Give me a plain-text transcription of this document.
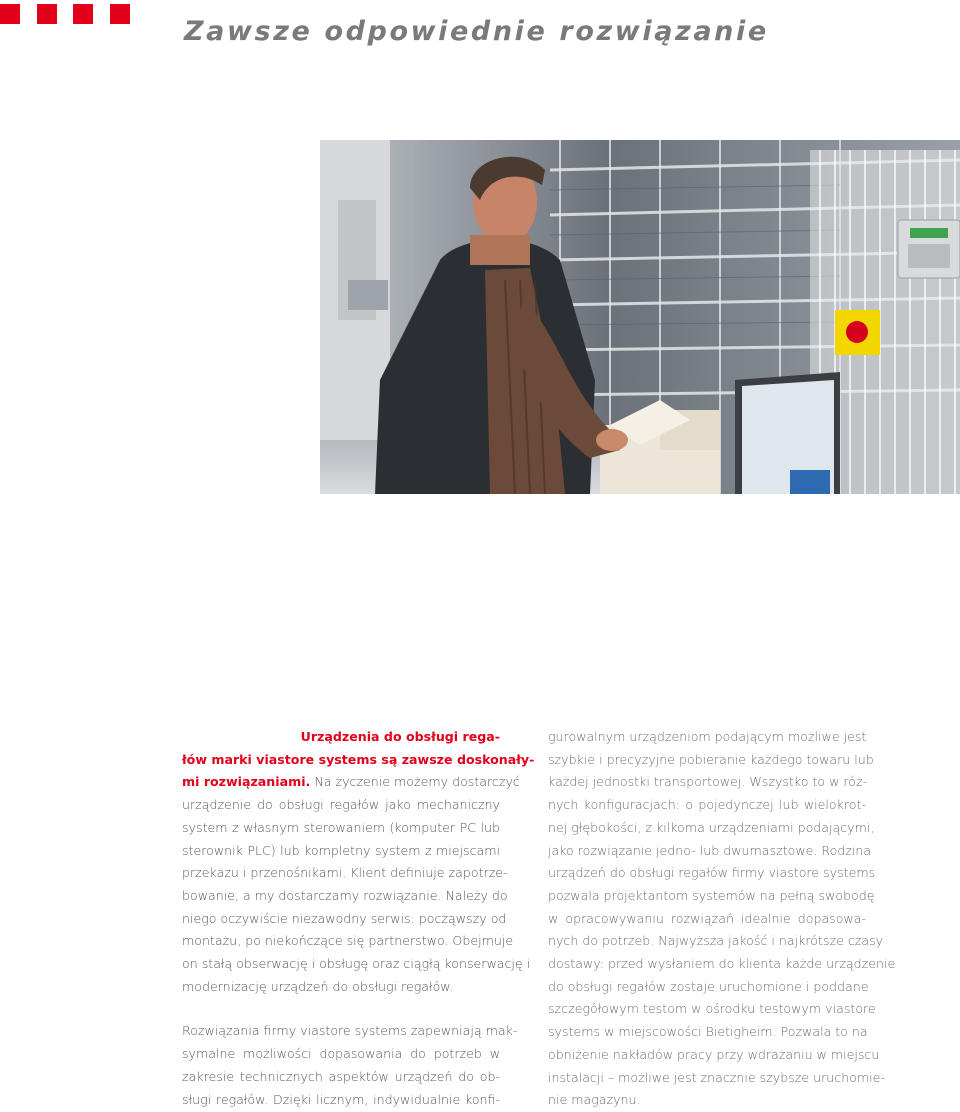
Zawsze odpowiednie rozwiązanie
Urządzenia do obsługi rega-
łów marki viastore systems są zawsze doskonały-
mi rozwiązaniami. Na życzenie możemy dostarczyć
urządzenie do obsługi regałów jako mechaniczny
system z własnym sterowaniem (komputer PC lub
sterownik PLC) lub kompletny system z miejscami
przekazu i przenośnikami. Klient definiuje zapotrze-
bowanie, a my dostarczamy rozwiązanie. Należy do
niego oczywiście niezawodny serwis: począwszy od
montażu, po niekończące się partnerstwo. Obejmuje
on stałą obserwację i obsługę oraz ciągłą konserwację i
modernizację urządzeń do obsługi regałów.
Rozwiązania firmy viastore systems zapewniają mak-
symalne możliwości dopasowania do potrzeb w
zakresie technicznych aspektów urządzeń do ob-
sługi regałów. Dzięki licznym, indywidualnie konfi-
gurowalnym urządzeniom podającym możliwe jest
szybkie i precyzyjne pobieranie każdego towaru lub
każdej jednostki transportowej. Wszystko to w róż-
nych konfiguracjach: o pojedynczej lub wielokrot-
nej głębokości, z kilkoma urządzeniami podającymi,
jako rozwiązanie jedno- lub dwumasztowe. Rodzina
urządzeń do obsługi regałów firmy viastore systems
pozwala projektantom systemów na pełną swobodę
w opracowywaniu rozwiązań idealnie dopasowa-
nych do potrzeb. Najwyższa jakość i najkrótsze czasy
dostawy: przed wysłaniem do klienta każde urządzenie
do obsługi regałów zostaje uruchomione i poddane
szczegółowym testom w ośrodku testowym viastore
systems w miejscowości Bietigheim. Pozwala to na
obniżenie nakładów pracy przy wdrażaniu w miejscu
instalacji – możliwe jest znacznie szybsze uruchomie-
nie magazynu.
